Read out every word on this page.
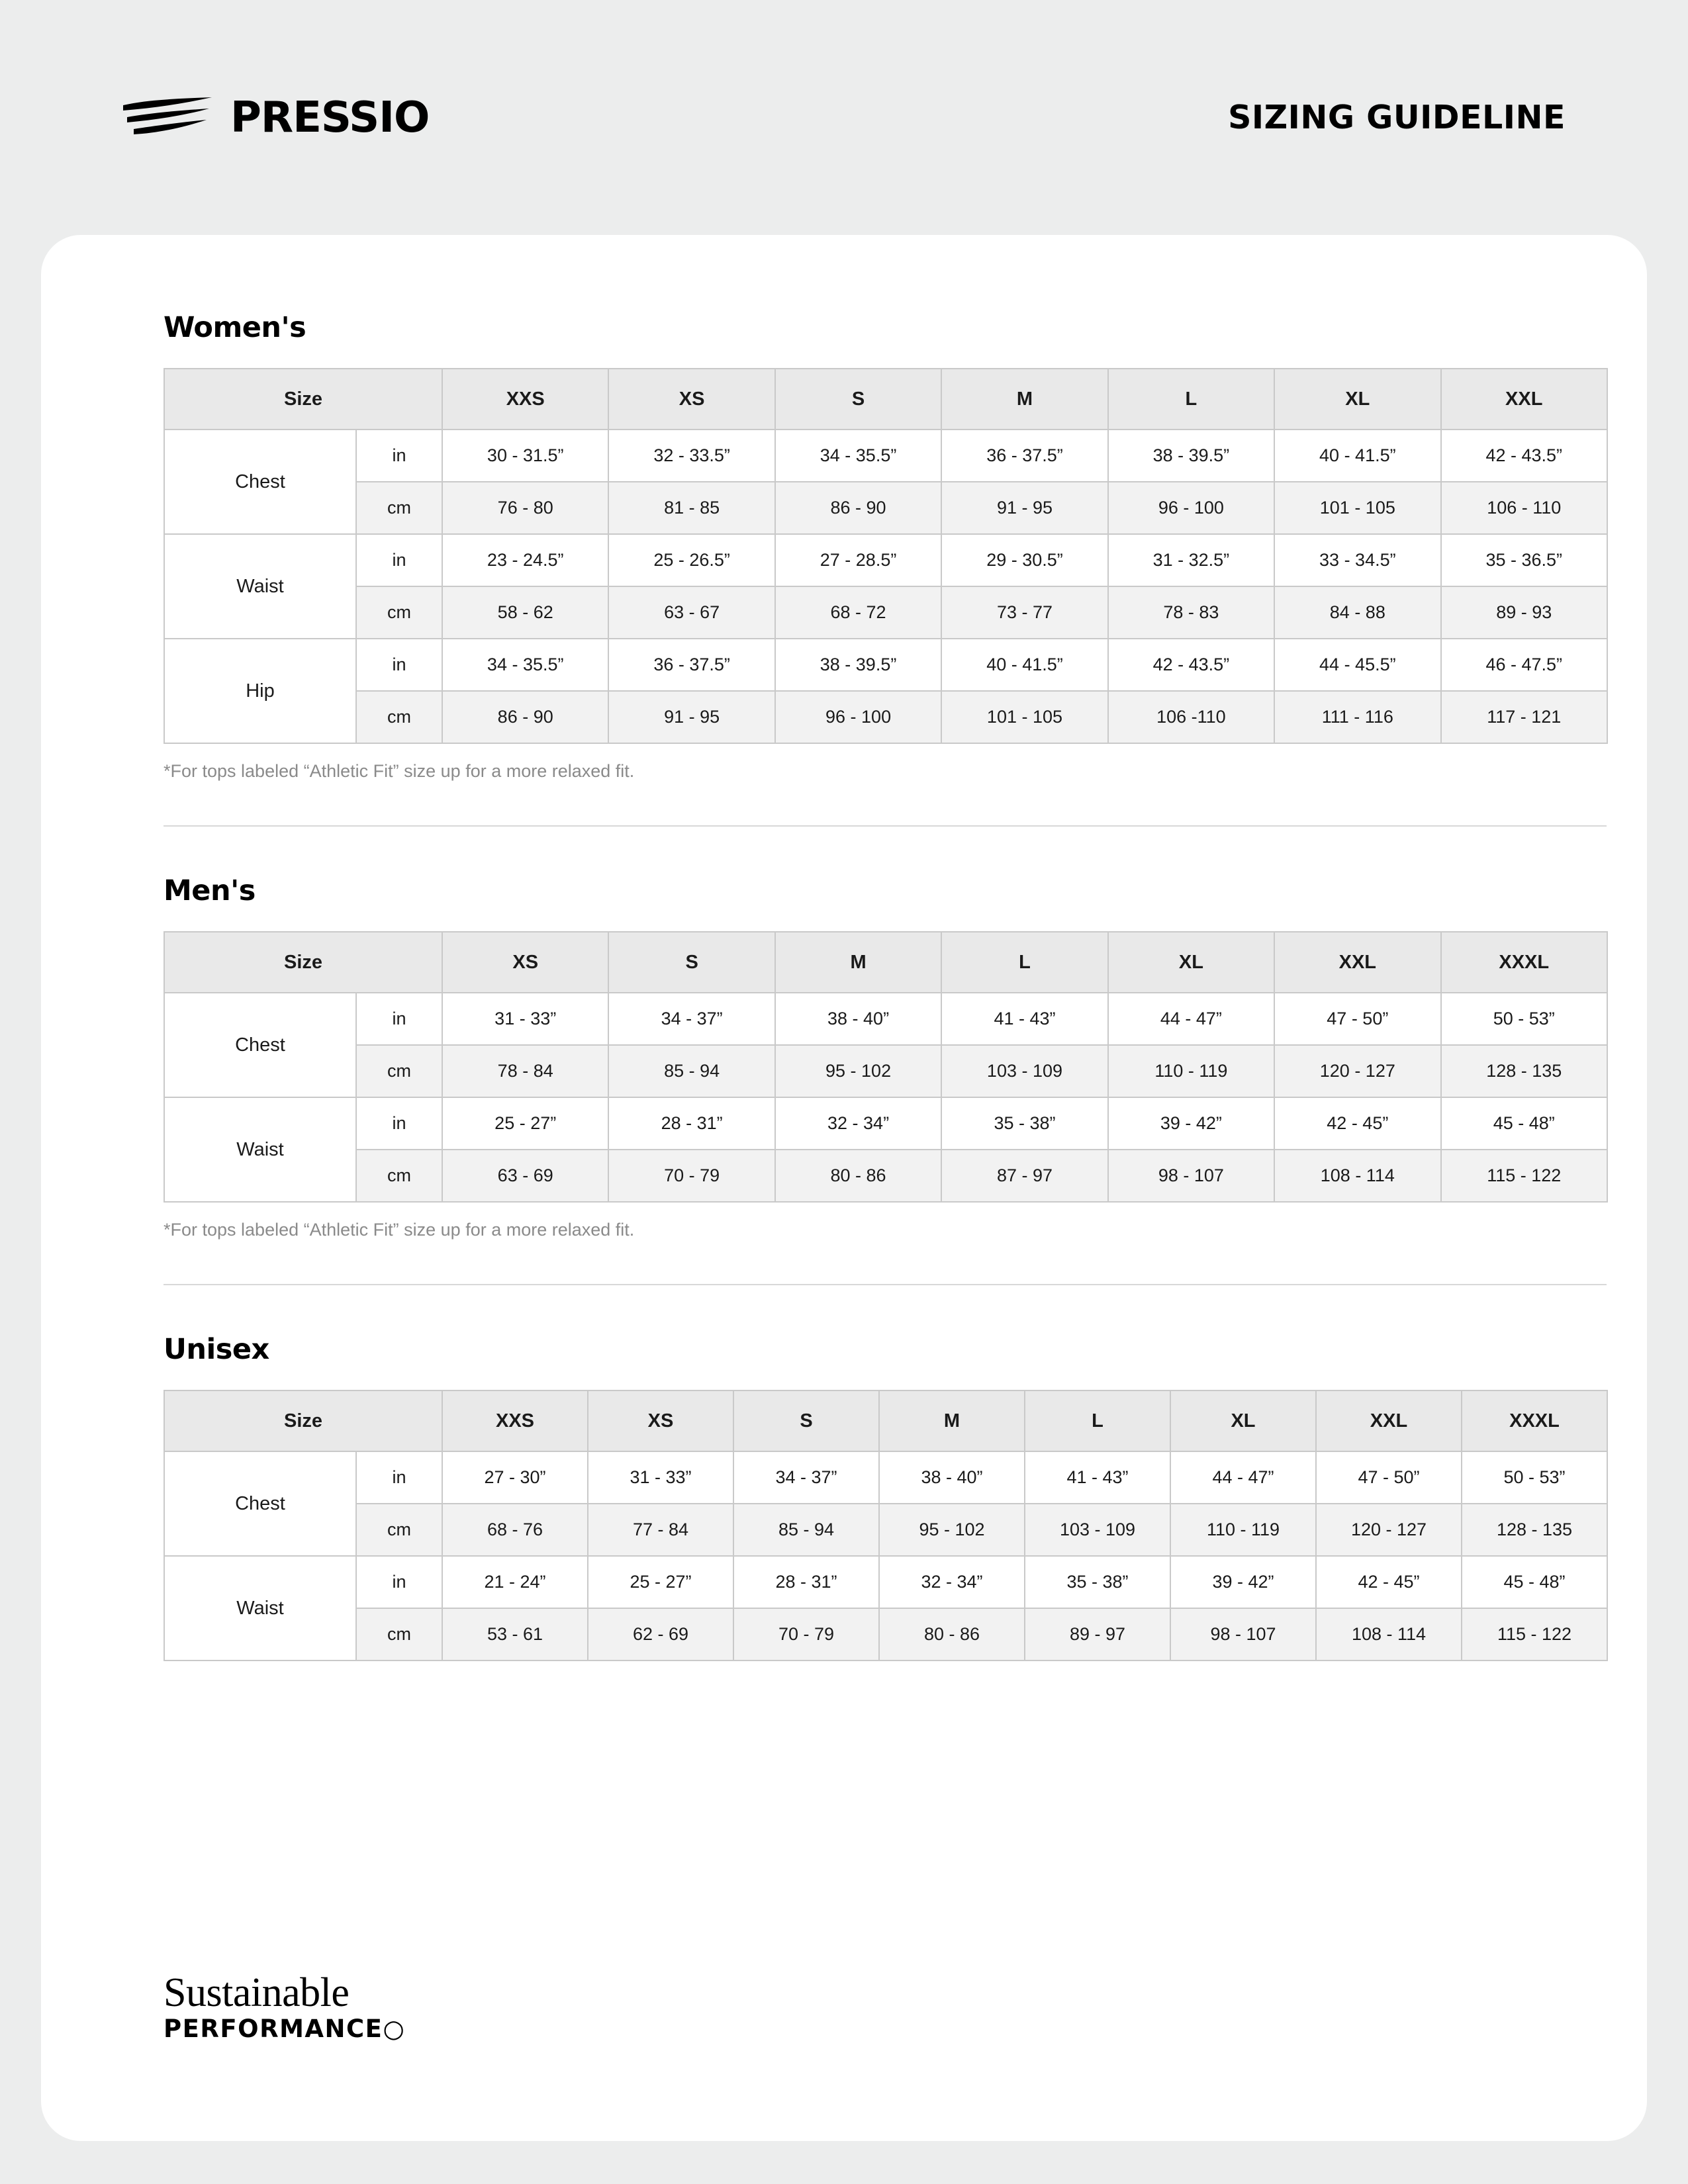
PRESSIO	SIZING GUIDELINE
Women's
Size		XXS	XS	S	M	L	XL	XXL
Chest	in	30 - 31.5”	32 - 33.5”	34 - 35.5”	36 - 37.5”	38 - 39.5”	40 - 41.5”	42 - 43.5”
	cm	76 - 80	81 - 85	86 - 90	91 - 95	96 - 100	101 - 105	106 - 110
Waist	in	23 - 24.5”	25 - 26.5”	27 - 28.5”	29 - 30.5”	31 - 32.5”	33 - 34.5”	35 - 36.5”
	cm	58 - 62	63 - 67	68 - 72	73 - 77	78 - 83	84 - 88	89 - 93
Hip	in	34 - 35.5”	36 - 37.5”	38 - 39.5”	40 - 41.5”	42 - 43.5”	44 - 45.5”	46 - 47.5”
	cm	86 - 90	91 - 95	96 - 100	101 - 105	106 -110	111 - 116	117 - 121
*For tops labeled “Athletic Fit” size up for a more relaxed fit.
Men's
Size		XS	S	M	L	XL	XXL	XXXL
Chest	in	31 - 33”	34 - 37”	38 - 40”	41 - 43”	44 - 47”	47 - 50”	50 - 53”
	cm	78 - 84	85 - 94	95 - 102	103 - 109	110 - 119	120 - 127	128 - 135
Waist	in	25 - 27”	28 - 31”	32 - 34”	35 - 38”	39 - 42”	42 - 45”	45 - 48”
	cm	63 - 69	70 - 79	80 - 86	87 - 97	98 - 107	108 - 114	115 - 122
*For tops labeled “Athletic Fit” size up for a more relaxed fit.
Unisex
Size		XXS	XS	S	M	L	XL	XXL	XXXL
Chest	in	27 - 30”	31 - 33”	34 - 37”	38 - 40”	41 - 43”	44 - 47”	47 - 50”	50 - 53”
	cm	68 - 76	77 - 84	85 - 94	95 - 102	103 - 109	110 - 119	120 - 127	128 - 135
Waist	in	21 - 24”	25 - 27”	28 - 31”	32 - 34”	35 - 38”	39 - 42”	42 - 45”	45 - 48”
	cm	53 - 61	62 - 69	70 - 79	80 - 86	89 - 97	98 - 107	108 - 114	115 - 122
Sustainable
PERFORMANCE○
